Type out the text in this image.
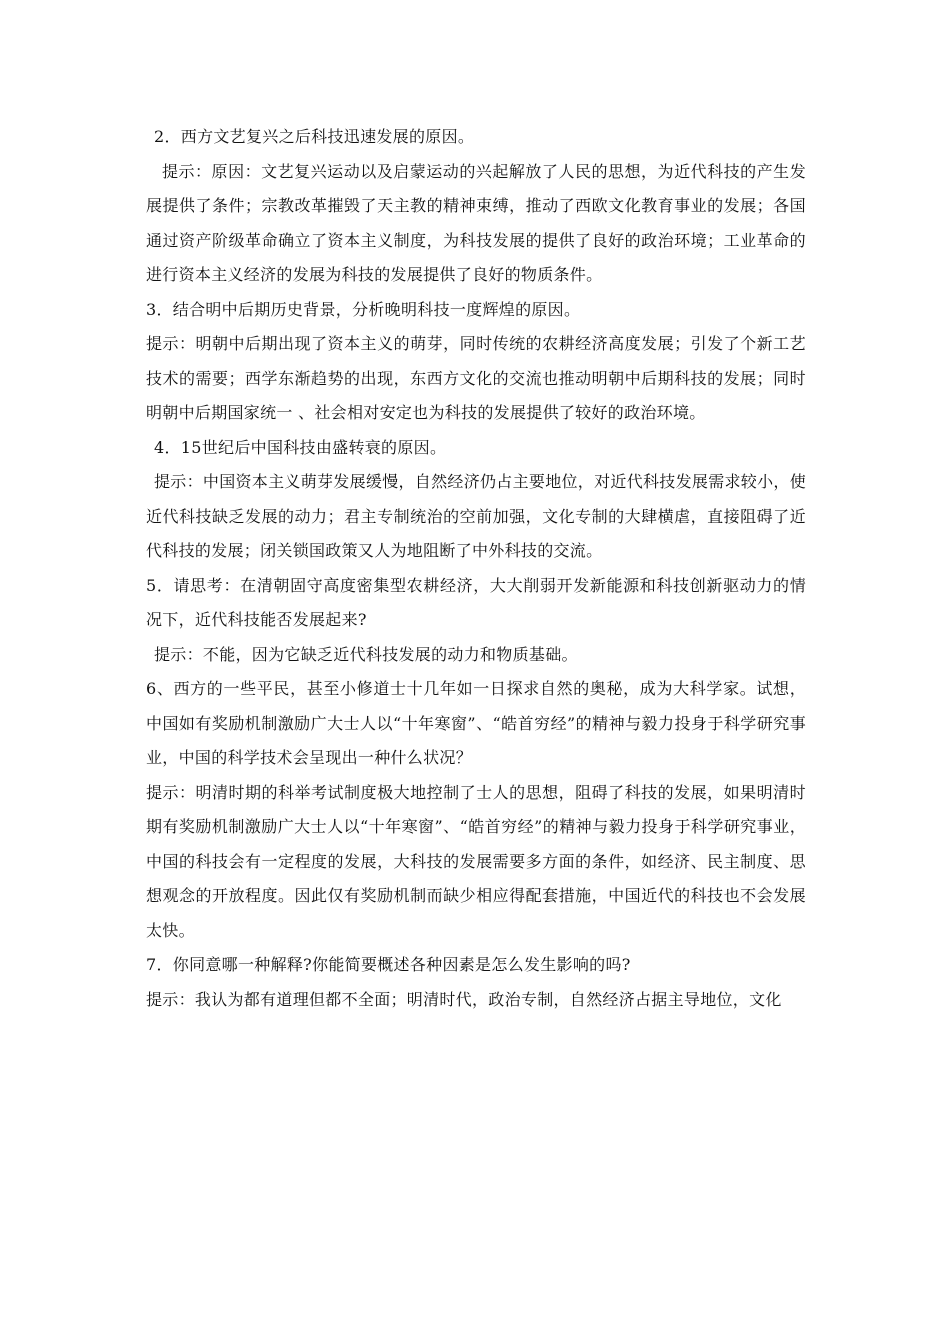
2．西方文艺复兴之后科技迅速发展的原因。

提示：原因：文艺复兴运动以及启蒙运动的兴起解放了人民的思想，为近代科技的产生发展提供了条件；宗教改革摧毁了天主教的精神束缚，推动了西欧文化教育事业的发展；各国通过资产阶级革命确立了资本主义制度，为科技发展的提供了良好的政治环境；工业革命的进行资本主义经济的发展为科技的发展提供了良好的物质条件。

3．结合明中后期历史背景，分析晚明科技一度辉煌的原因。

提示：明朝中后期出现了资本主义的萌芽，同时传统的农耕经济高度发展；引发了个新工艺技术的需要；西学东渐趋势的出现，东西方文化的交流也推动明朝中后期科技的发展；同时明朝中后期国家统一 、社会相对安定也为科技的发展提供了较好的政治环境。

4．15世纪后中国科技由盛转衰的原因。

提示：中国资本主义萌芽发展缓慢，自然经济仍占主要地位，对近代科技发展需求较小，使近代科技缺乏发展的动力；君主专制统治的空前加强，文化专制的大肆横虐，直接阻碍了近代科技的发展；闭关锁国政策又人为地阻断了中外科技的交流。

5．请思考：在清朝固守高度密集型农耕经济，大大削弱开发新能源和科技创新驱动力的情况下，近代科技能否发展起来?

提示：不能，因为它缺乏近代科技发展的动力和物质基础。

6、西方的一些平民，甚至小修道士十几年如一日探求自然的奥秘，成为大科学家。试想，中国如有奖励机制激励广大士人以“十年寒窗”、“皓首穷经”的精神与毅力投身于科学研究事业，中国的科学技术会呈现出一种什么状况？

提示：明清时期的科举考试制度极大地控制了士人的思想，阻碍了科技的发展，如果明清时期有奖励机制激励广大士人以“十年寒窗”、“皓首穷经”的精神与毅力投身于科学研究事业，中国的科技会有一定程度的发展，大科技的发展需要多方面的条件，如经济、民主制度、思想观念的开放程度。因此仅有奖励机制而缺少相应得配套措施，中国近代的科技也不会发展太快。

7．你同意哪一种解释?你能简要概述各种因素是怎么发生影响的吗?

提示：我认为都有道理但都不全面；明清时代，政治专制，自然经济占据主导地位，文化
